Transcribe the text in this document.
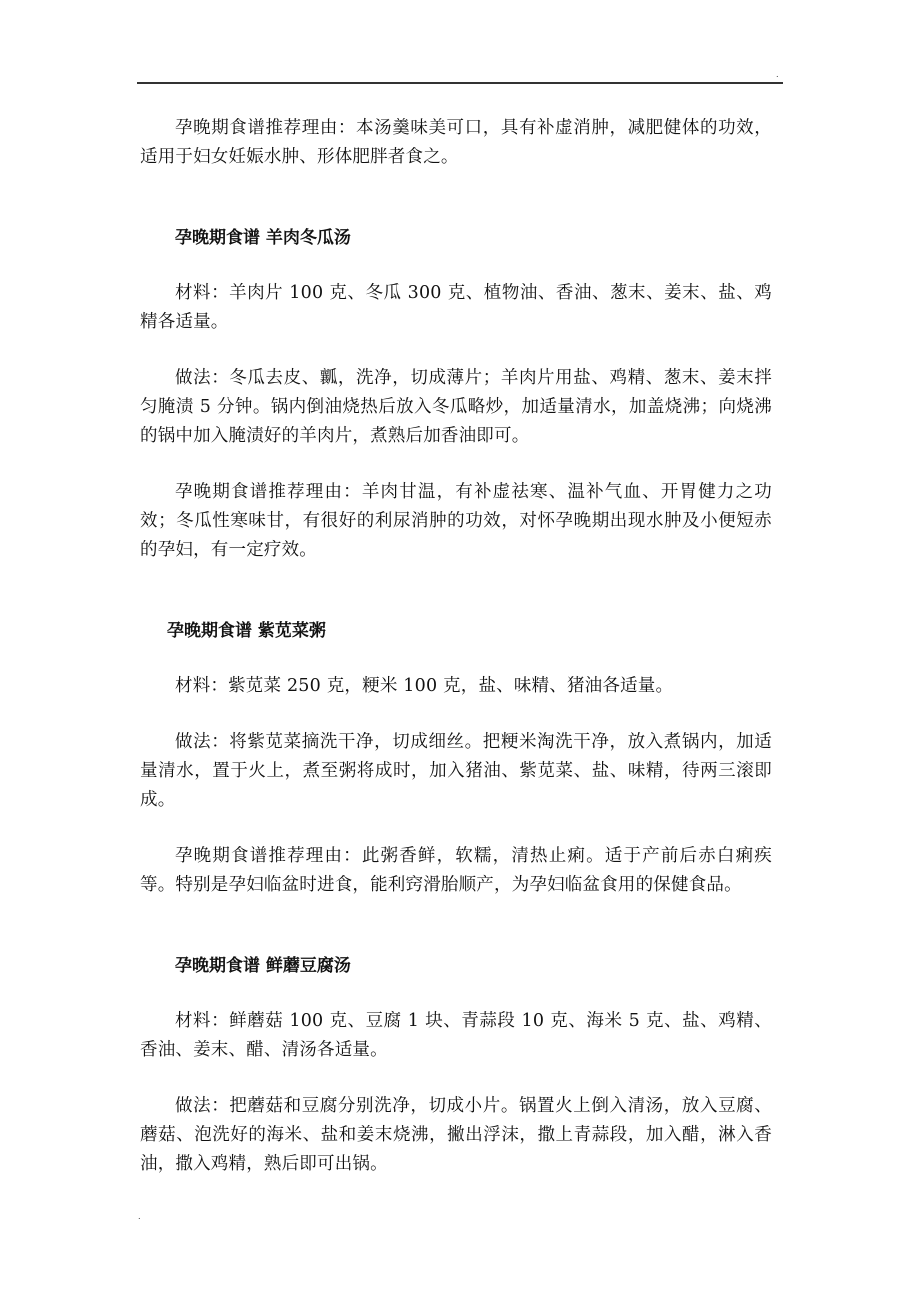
.

孕晚期食谱推荐理由：本汤羹味美可口，具有补虚消肿，减肥健体的功效，适用于妇女妊娠水肿、形体肥胖者食之。

孕晚期食谱 羊肉冬瓜汤

材料：羊肉片 100 克、冬瓜 300 克、植物油、香油、葱末、姜末、盐、鸡精各适量。

做法：冬瓜去皮、瓤，洗净，切成薄片；羊肉片用盐、鸡精、葱末、姜末拌匀腌渍 5 分钟。锅内倒油烧热后放入冬瓜略炒，加适量清水，加盖烧沸；向烧沸的锅中加入腌渍好的羊肉片，煮熟后加香油即可。

孕晚期食谱推荐理由：羊肉甘温，有补虚祛寒、温补气血、开胃健力之功效；冬瓜性寒味甘，有很好的利尿消肿的功效，对怀孕晚期出现水肿及小便短赤的孕妇，有一定疗效。

孕晚期食谱 紫苋菜粥

材料：紫苋菜 250 克，粳米 100 克，盐、味精、猪油各适量。

做法：将紫苋菜摘洗干净，切成细丝。把粳米淘洗干净，放入煮锅内，加适量清水，置于火上，煮至粥将成时，加入猪油、紫苋菜、盐、味精，待两三滚即成。

孕晚期食谱推荐理由：此粥香鲜，软糯，清热止痢。适于产前后赤白痢疾等。特别是孕妇临盆时进食，能利窍滑胎顺产，为孕妇临盆食用的保健食品。

孕晚期食谱 鲜蘑豆腐汤

材料：鲜蘑菇 100 克、豆腐 1 块、青蒜段 10 克、海米 5 克、盐、鸡精、香油、姜末、醋、清汤各适量。

做法：把蘑菇和豆腐分别洗净，切成小片。锅置火上倒入清汤，放入豆腐、蘑菇、泡洗好的海米、盐和姜末烧沸，撇出浮沫，撒上青蒜段，加入醋，淋入香油，撒入鸡精，熟后即可出锅。

.
